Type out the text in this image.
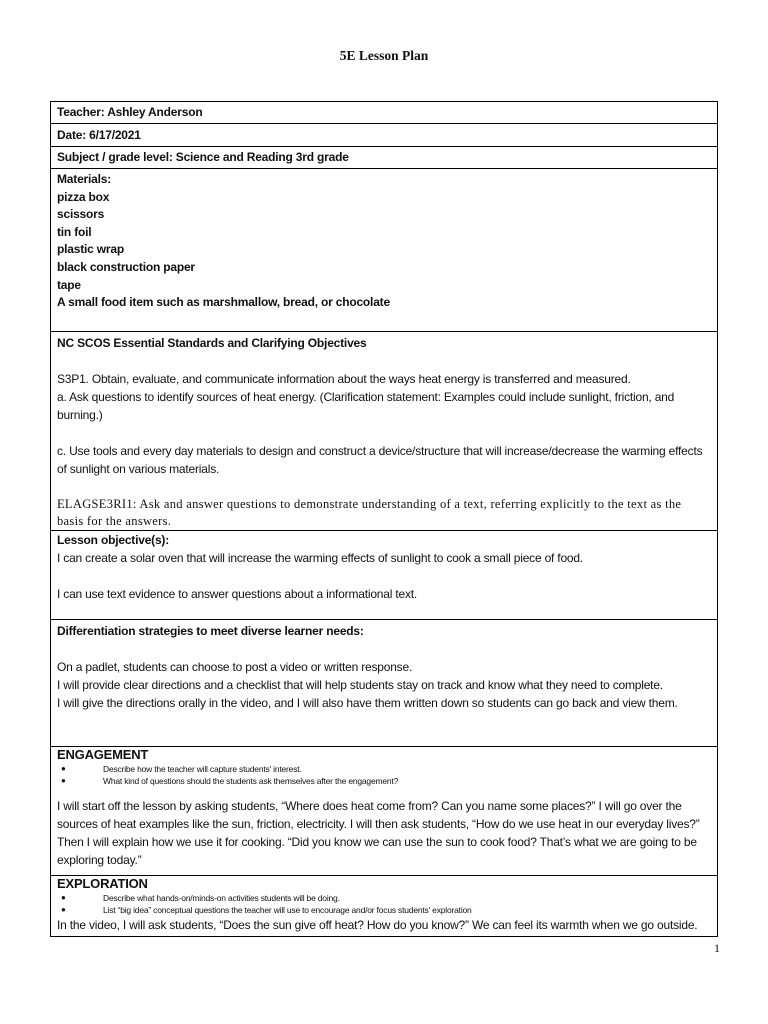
5E Lesson Plan
Teacher: Ashley Anderson
Date: 6/17/2021
Subject / grade level: Science and Reading 3rd grade

Materials:
pizza box
scissors
tin foil
plastic wrap
black construction paper
tape
A small food item such as marshmallow, bread, or chocolate

NC SCOS Essential Standards and Clarifying Objectives
S3P1. Obtain, evaluate, and communicate information about the ways heat energy is transferred and measured.
a. Ask questions to identify sources of heat energy. (Clarification statement: Examples could include sunlight, friction, and burning.)
c. Use tools and every day materials to design and construct a device/structure that will increase/decrease the warming effects of sunlight on various materials.
ELAGSE3RI1: Ask and answer questions to demonstrate understanding of a text, referring explicitly to the text as the basis for the answers.

Lesson objective(s):
I can create a solar oven that will increase the warming effects of sunlight to cook a small piece of food.
I can use text evidence to answer questions about a informational text.

Differentiation strategies to meet diverse learner needs:
On a padlet, students can choose to post a video or written response.
I will provide clear directions and a checklist that will help students stay on track and know what they need to complete.
I will give the directions orally in the video, and I will also have them written down so students can go back and view them.

ENGAGEMENT
●	Describe how the teacher will capture students' interest.
●	What kind of questions should the students ask themselves after the engagement?
I will start off the lesson by asking students, “Where does heat come from? Can you name some places?” I will go over the sources of heat examples like the sun, friction, electricity. I will then ask students, “How do we use heat in our everyday lives?” Then I will explain how we use it for cooking. “Did you know we can use the sun to cook food? That’s what we are going to be exploring today.”

EXPLORATION
●	Describe what hands-on/minds-on activities students will be doing.
●	List “big idea” conceptual questions the teacher will use to encourage and/or focus students' exploration
In the video, I will ask students, “Does the sun give off heat? How do you know?” We can feel its warmth when we go outside.
1
